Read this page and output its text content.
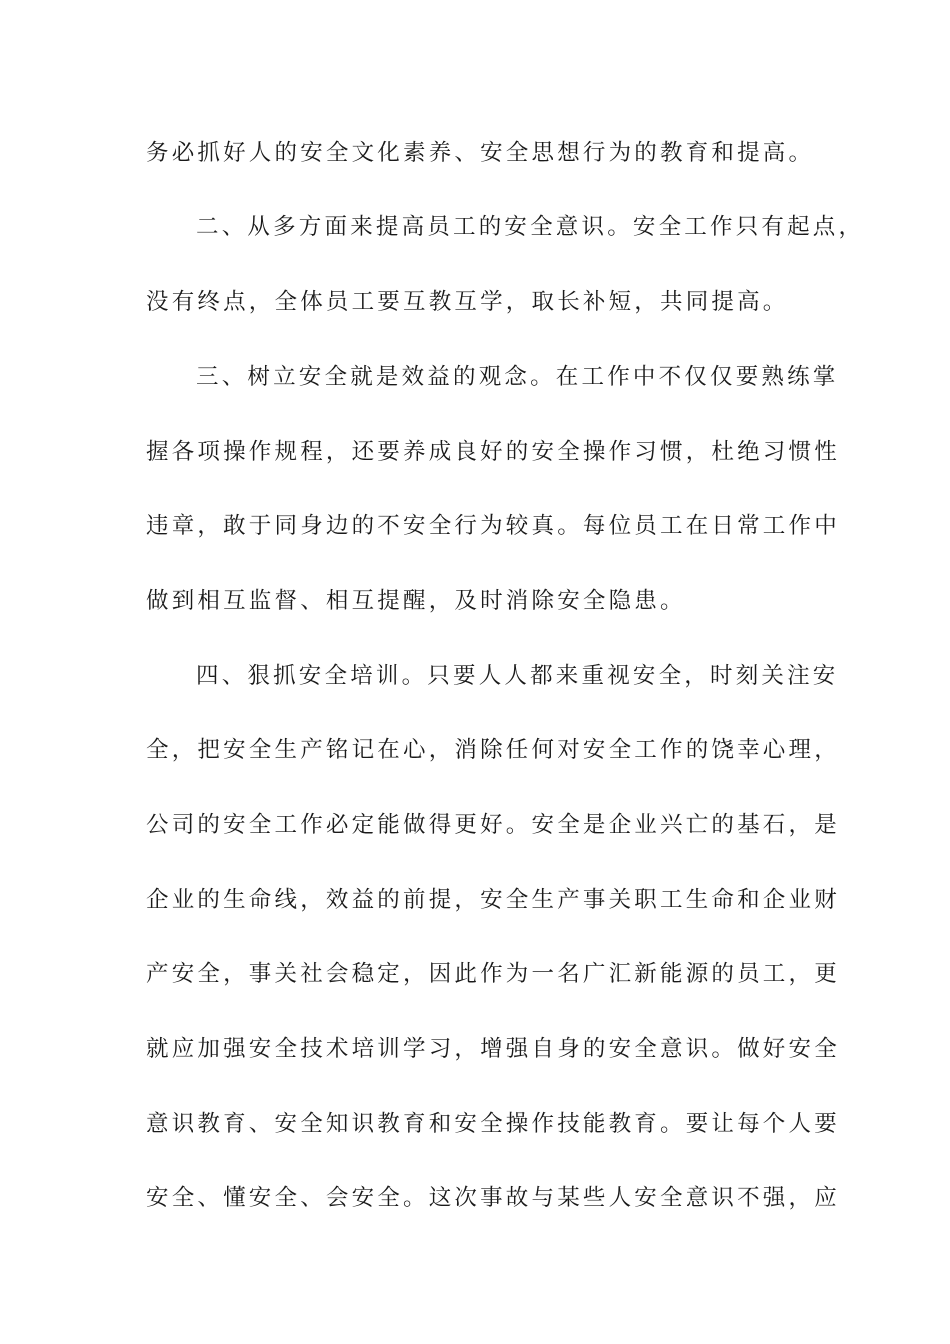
务必抓好人的安全文化素养、安全思想行为的教育和提高。
二、从多方面来提高员工的安全意识。安全工作只有起点，
没有终点，全体员工要互教互学，取长补短，共同提高。
三、树立安全就是效益的观念。在工作中不仅仅要熟练掌
握各项操作规程，还要养成良好的安全操作习惯，杜绝习惯性
违章，敢于同身边的不安全行为较真。每位员工在日常工作中
做到相互监督、相互提醒，及时消除安全隐患。
四、狠抓安全培训。只要人人都来重视安全，时刻关注安
全，把安全生产铭记在心，消除任何对安全工作的饶幸心理，
公司的安全工作必定能做得更好。安全是企业兴亡的基石，是
企业的生命线，效益的前提，安全生产事关职工生命和企业财
产安全，事关社会稳定，因此作为一名广汇新能源的员工，更
就应加强安全技术培训学习，增强自身的安全意识。做好安全
意识教育、安全知识教育和安全操作技能教育。要让每个人要
安全、懂安全、会安全。这次事故与某些人安全意识不强，应
